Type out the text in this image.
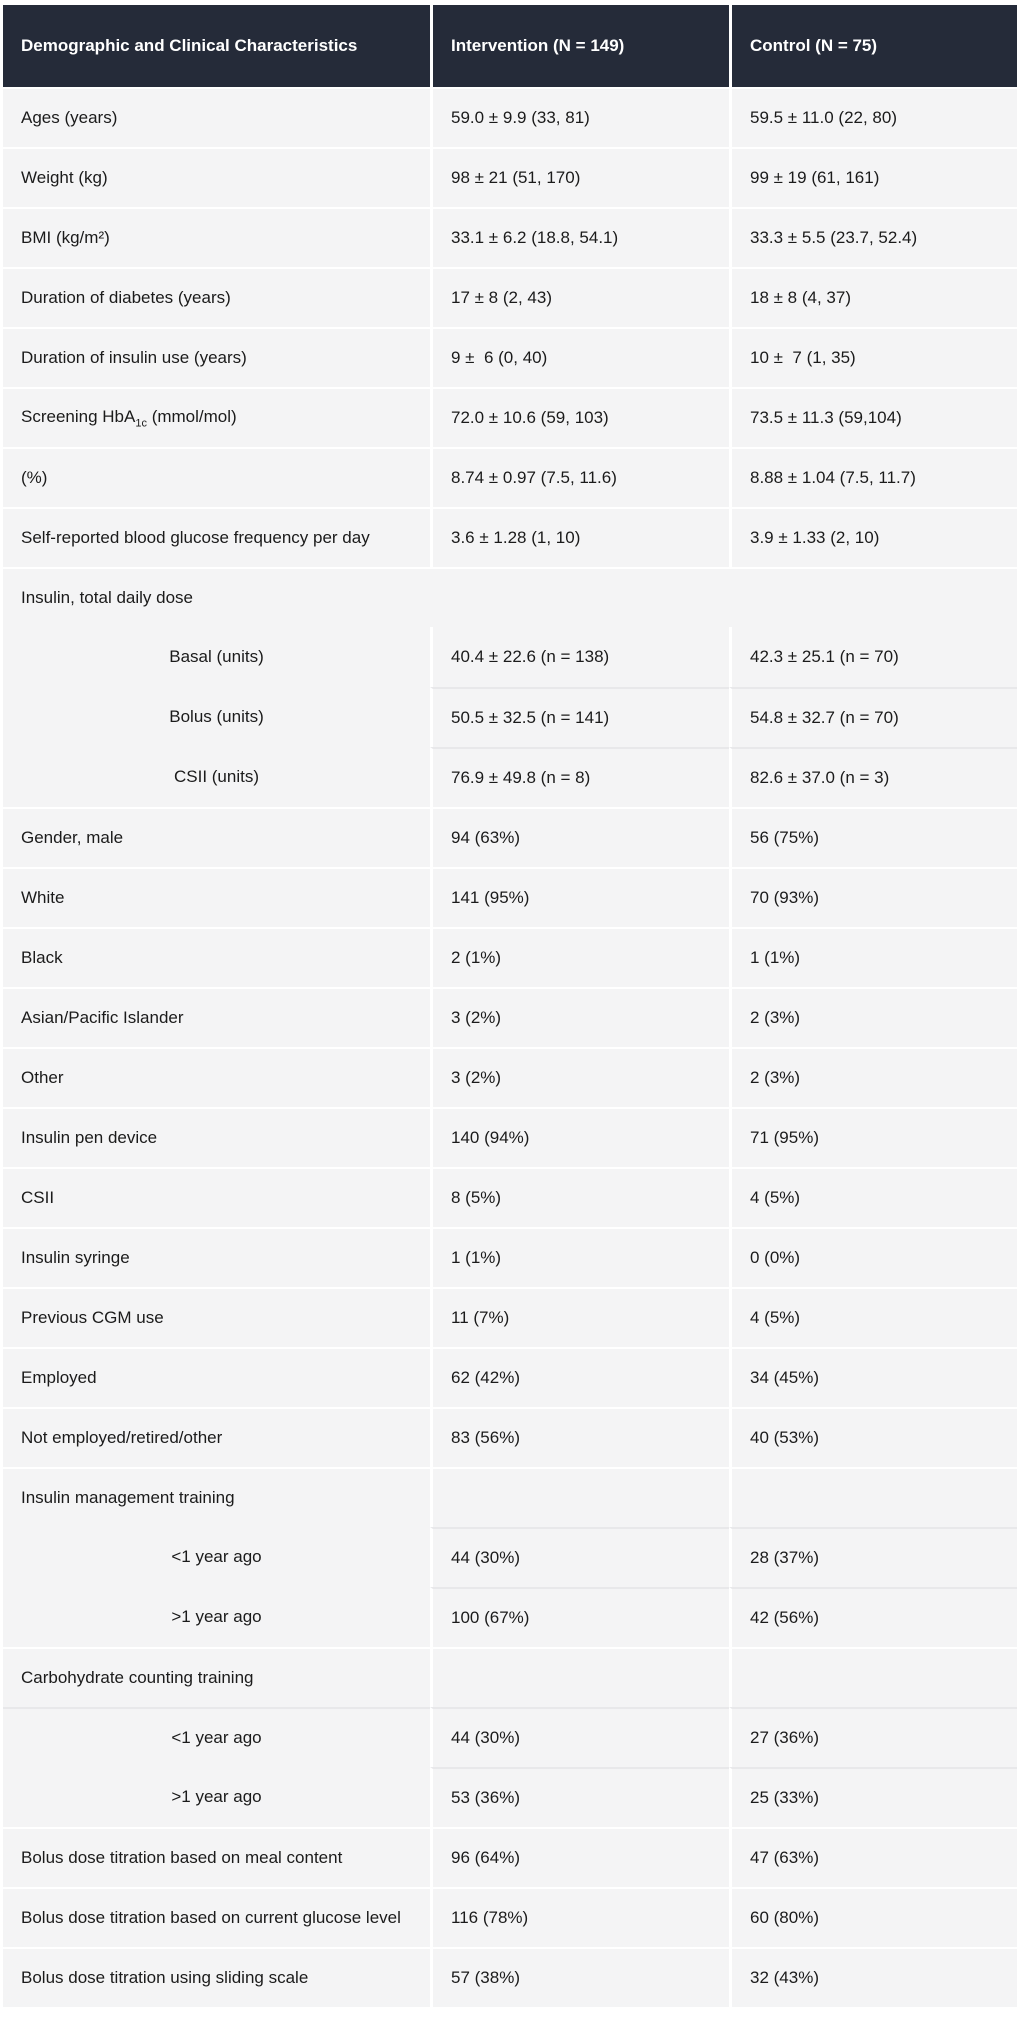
Demographic and Clinical Characteristics	Intervention (N = 149)	Control (N = 75)
Ages (years)	59.0 ± 9.9 (33, 81)	59.5 ± 11.0 (22, 80)
Weight (kg)	98 ± 21 (51, 170)	99 ± 19 (61, 161)
BMI (kg/m²)	33.1 ± 6.2 (18.8, 54.1)	33.3 ± 5.5 (23.7, 52.4)
Duration of diabetes (years)	17 ± 8 (2, 43)	18 ± 8 (4, 37)
Duration of insulin use (years)	9 ±  6 (0, 40)	10 ±  7 (1, 35)
Screening HbA$_{1c}$ (mmol/mol)	72.0 ± 10.6 (59, 103)	73.5 ± 11.3 (59,104)
(%)	8.74 ± 0.97 (7.5, 11.6)	8.88 ± 1.04 (7.5, 11.7)
Self-reported blood glucose frequency per day	3.6 ± 1.28 (1, 10)	3.9 ± 1.33 (2, 10)
Insulin, total daily dose
Basal (units)	40.4 ± 22.6 (n = 138)	42.3 ± 25.1 (n = 70)
Bolus (units)	50.5 ± 32.5 (n = 141)	54.8 ± 32.7 (n = 70)
CSII (units)	76.9 ± 49.8 (n = 8)	82.6 ± 37.0 (n = 3)
Gender, male	94 (63%)	56 (75%)
White	141 (95%)	70 (93%)
Black	2 (1%)	1 (1%)
Asian/Pacific Islander	3 (2%)	2 (3%)
Other	3 (2%)	2 (3%)
Insulin pen device	140 (94%)	71 (95%)
CSII	8 (5%)	4 (5%)
Insulin syringe	1 (1%)	0 (0%)
Previous CGM use	11 (7%)	4 (5%)
Employed	62 (42%)	34 (45%)
Not employed/retired/other	83 (56%)	40 (53%)
Insulin management training
<1 year ago	44 (30%)	28 (37%)
>1 year ago	100 (67%)	42 (56%)
Carbohydrate counting training
<1 year ago	44 (30%)	27 (36%)
>1 year ago	53 (36%)	25 (33%)
Bolus dose titration based on meal content	96 (64%)	47 (63%)
Bolus dose titration based on current glucose level	116 (78%)	60 (80%)
Bolus dose titration using sliding scale	57 (38%)	32 (43%)
